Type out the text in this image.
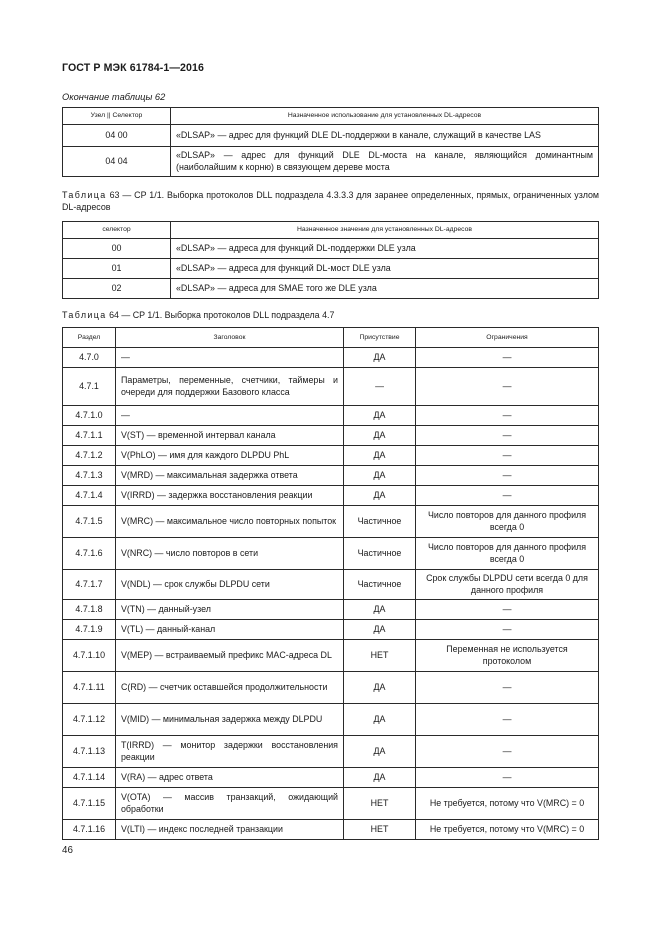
ГОСТ Р МЭК 61784-1—2016
Окончание таблицы 62
Узел || Селектор	Назначенное использование для установленных DL-адресов
04 00	«DLSAP» — адрес для функций DLE DL-поддержки в канале, служащий в качестве LAS
04 04	«DLSAP» — адрес для функций DLE DL-моста на канале, являющийся доминантным (наиболайшим к корню) в связующем дереве моста
Таблица 63 — CP 1/1. Выборка протоколов DLL подраздела 4.3.3.3 для заранее определенных, прямых, ограниченных узлом DL-адресов
селектор	Назначенное значение для установленных DL-адресов
00	«DLSAP» — адреса для функций DL-поддержки DLE узла
01	«DLSAP» — адреса для функций DL-мост DLE узла
02	«DLSAP» — адреса для SMAE того же DLE узла
Таблица 64 — CP 1/1. Выборка протоколов DLL подраздела 4.7
Раздел	Заголовок	Присутствие	Ограничения
4.7.0	—	ДА	—
4.7.1	Параметры, переменные, счетчики, таймеры и очереди для поддержки Базового класса	—	—
4.7.1.0	—	ДА	—
4.7.1.1	V(ST) — временной интервал канала	ДА	—
4.7.1.2	V(PhLO) — имя для каждого DLPDU PhL	ДА	—
4.7.1.3	V(MRD) — максимальная задержка ответа	ДА	—
4.7.1.4	V(IRRD) — задержка восстановления реакции	ДА	—
4.7.1.5	V(MRC) — максимальное число повторных попыток	Частичное	Число повторов для данного профиля всегда 0
4.7.1.6	V(NRC) — число повторов в сети	Частичное	Число повторов для данного профиля всегда 0
4.7.1.7	V(NDL) — срок службы DLPDU сети	Частичное	Срок службы DLPDU сети всегда 0 для данного профиля
4.7.1.8	V(TN) — данный-узел	ДА	—
4.7.1.9	V(TL) — данный-канал	ДА	—
4.7.1.10	V(MEP) — встраиваемый префикс MAC-адреса DL	НЕТ	Переменная не используется протоколом
4.7.1.11	C(RD) — счетчик оставшейся продолжительности	ДА	—
4.7.1.12	V(MID) — минимальная задержка между DLPDU	ДА	—
4.7.1.13	T(IRRD) — монитор задержки восстановления реакции	ДА	—
4.7.1.14	V(RA) — адрес ответа	ДА	—
4.7.1.15	V(OTA) — массив транзакций, ожидающий обработки	НЕТ	Не требуется, потому что V(MRC) = 0
4.7.1.16	V(LTI) — индекс последней транзакции	НЕТ	Не требуется, потому что V(MRC) = 0
46
